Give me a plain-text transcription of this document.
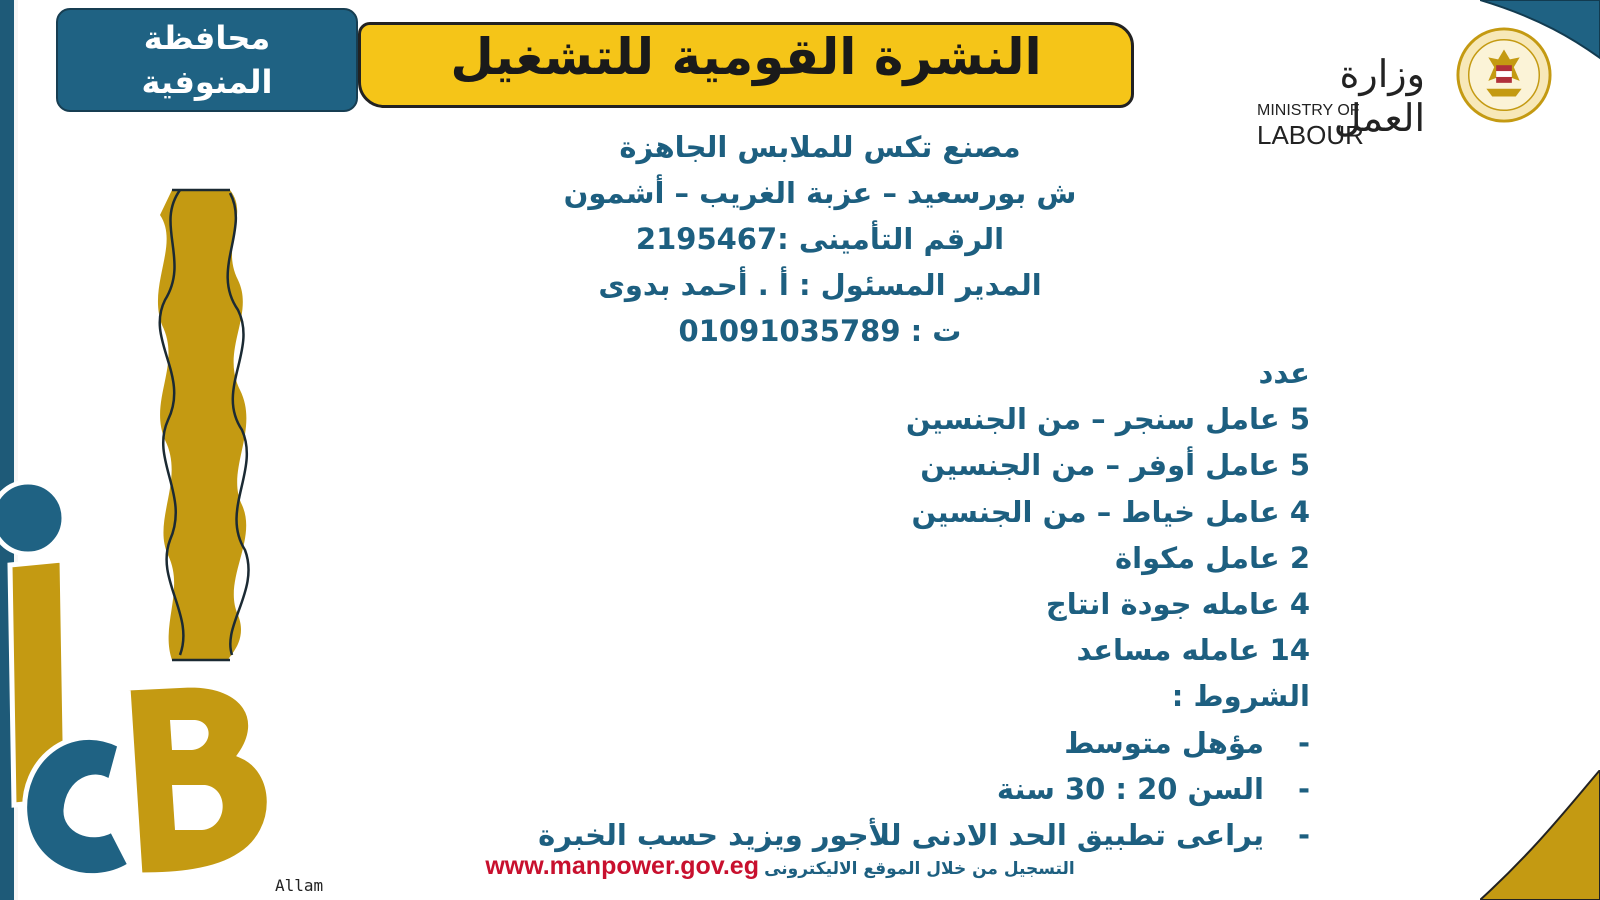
محافظة
المنوفية	النشرة القومية للتشغيل	وزارة العمل
MINISTRY OF LABOUR
مصنع تكس للملابس الجاهزة
ش بورسعيد – عزبة الغريب – أشمون
الرقم التأمينى :2195467
المدير المسئول : أ . أحمد بدوى
ت : 01091035789
عدد
5 عامل سنجر – من الجنسين
5 عامل أوفر – من الجنسين
4 عامل خياط – من الجنسين
2 عامل مكواة
4 عامله جودة انتاج
14 عامله مساعد
الشروط :
-مؤهل متوسط
-السن 20 : 30 سنة
-يراعى تطبيق الحد الادنى للأجور ويزيد حسب الخبرة
التسجيل من خلال الموقع الاليكترونى www.manpower.gov.eg
Allam
